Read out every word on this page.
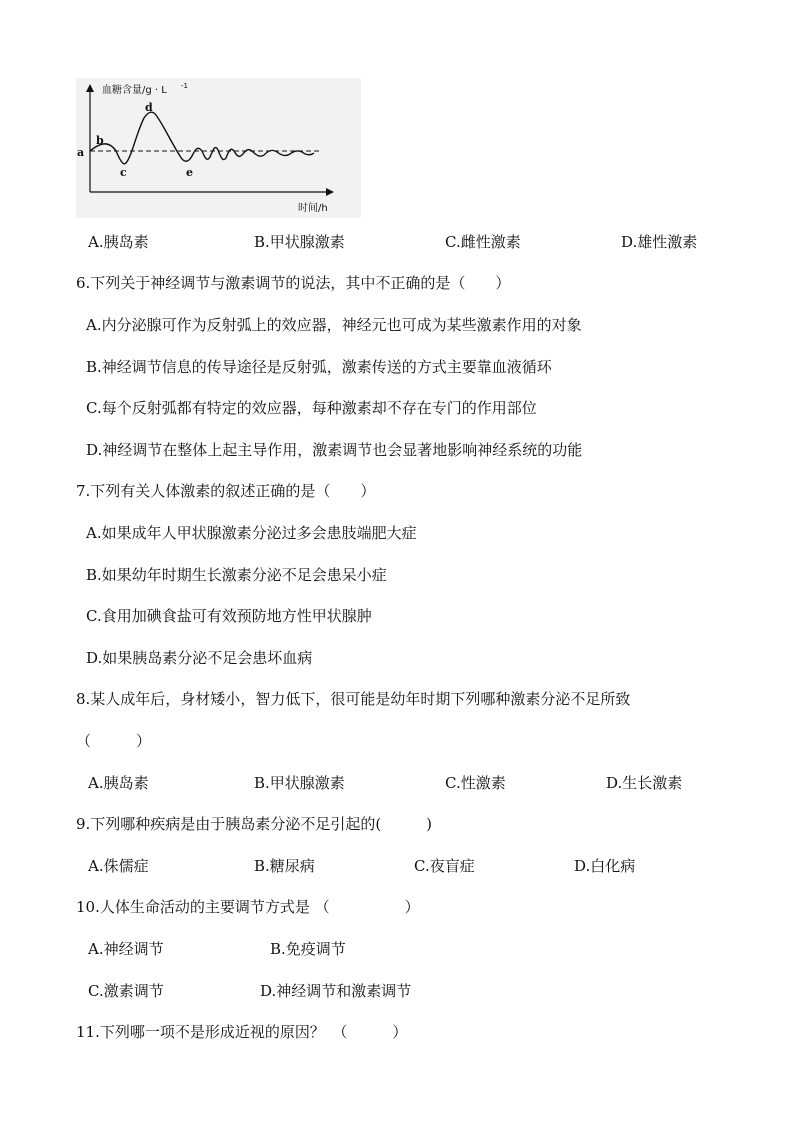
血糖含量/g · L -1
时间/h
a
b
c
d
e
A.胰岛素	B.甲状腺激素	C.雌性激素	D.雄性激素
6.下列关于神经调节与激素调节的说法，其中不正确的是（　　）
A.内分泌腺可作为反射弧上的效应器，神经元也可成为某些激素作用的对象
B.神经调节信息的传导途径是反射弧，激素传送的方式主要靠血液循环
C.每个反射弧都有特定的效应器，每种激素却不存在专门的作用部位
D.神经调节在整体上起主导作用，激素调节也会显著地影响神经系统的功能
7.下列有关人体激素的叙述正确的是（　　）
A.如果成年人甲状腺激素分泌过多会患肢端肥大症
B.如果幼年时期生长激素分泌不足会患呆小症
C.食用加碘食盐可有效预防地方性甲状腺肿
D.如果胰岛素分泌不足会患坏血病
8.某人成年后，身材矮小，智力低下，很可能是幼年时期下列哪种激素分泌不足所致
（　　　）
A.胰岛素	B.甲状腺激素	C.性激素	D.生长激素
9.下列哪种疾病是由于胰岛素分泌不足引起的(　　　)
A.侏儒症	B.糖尿病	C.夜盲症	D.白化病
10.人体生命活动的主要调节方式是 （　　　　　）
A.神经调节	B.免疫调节
C.激素调节	D.神经调节和激素调节
11.下列哪一项不是形成近视的原因？　（　　　）
